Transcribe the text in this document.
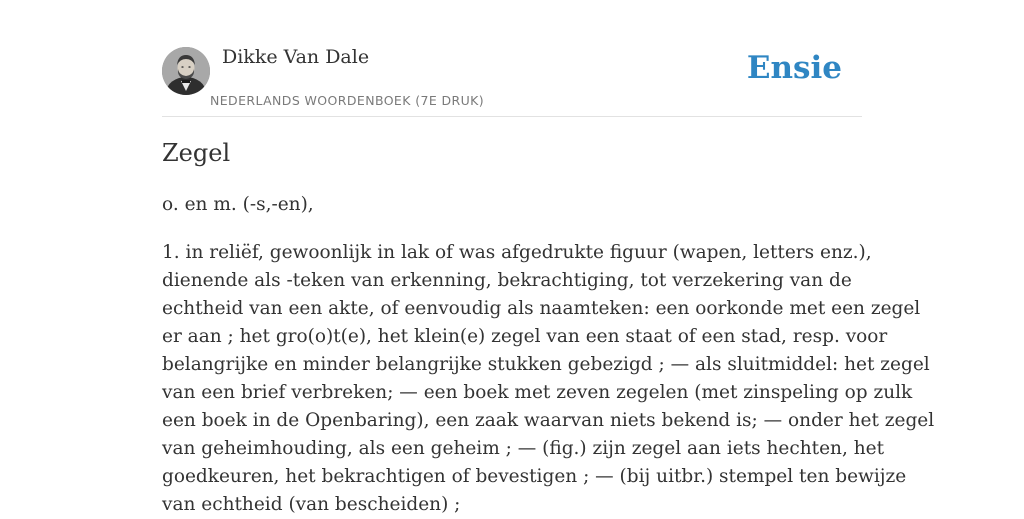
Dikke Van Dale
NEDERLANDS WOORDENBOEK (7E DRUK)
Ensie
Zegel
o. en m. (-s,-en),
1. in reliëf, gewoonlijk in lak of was afgedrukte figuur (wapen, letters enz.),
dienende als -teken van erkenning, bekrachtiging, tot verzekering van de
echtheid van een akte, of eenvoudig als naamteken: een oorkonde met een zegel
er aan ; het gro(o)t(e), het klein(e) zegel van een staat of een stad, resp. voor
belangrijke en minder belangrijke stukken gebezigd ; — als sluitmiddel: het zegel
van een brief verbreken; — een boek met zeven zegelen (met zinspeling op zulk
een boek in de Openbaring), een zaak waarvan niets bekend is; — onder het zegel
van geheimhouding, als een geheim ; — (fig.) zijn zegel aan iets hechten, het
goedkeuren, het bekrachtigen of bevestigen ; — (bij uitbr.) stempel ten bewijze
van echtheid (van bescheiden) ;
